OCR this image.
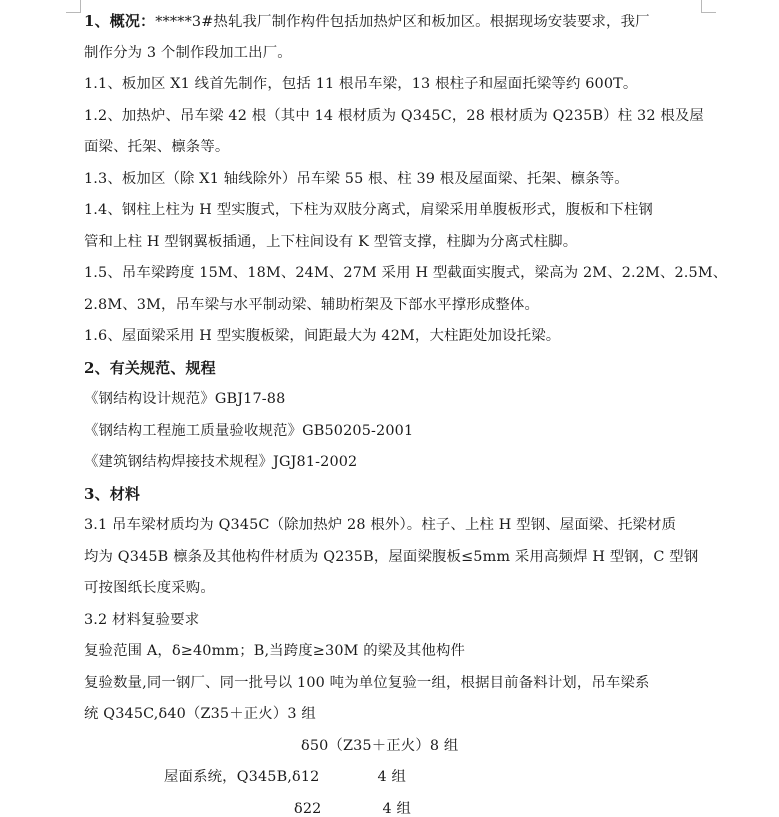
1、概况：*****3#热轧我厂制作构件包括加热炉区和板加区。根据现场安装要求，我厂
制作分为 3 个制作段加工出厂。
1.1、板加区 X1 线首先制作，包括 11 根吊车梁，13 根柱子和屋面托梁等约 600T。
1.2、加热炉、吊车梁 42 根（其中 14 根材质为 Q345C，28 根材质为 Q235B）柱 32 根及屋
面梁、托架、檩条等。
1.3、板加区（除 X1 轴线除外）吊车梁 55 根、柱 39 根及屋面梁、托架、檩条等。
1.4、钢柱上柱为 H 型实腹式，下柱为双肢分离式，肩梁采用单腹板形式，腹板和下柱钢
管和上柱 H 型钢翼板插通，上下柱间设有 K 型管支撑，柱脚为分离式柱脚。
1.5、吊车梁跨度 15M、18M、24M、27M 采用 H 型截面实腹式，梁高为 2M、2.2M、2.5M、
2.8M、3M，吊车梁与水平制动梁、辅助桁架及下部水平撑形成整体。
1.6、屋面梁采用 H 型实腹板梁，间距最大为 42M，大柱距处加设托梁。
2、有关规范、规程
《钢结构设计规范》GBJ17-88
《钢结构工程施工质量验收规范》GB50205-2001
《建筑钢结构焊接技术规程》JGJ81-2002
3、材料
3.1 吊车梁材质均为 Q345C（除加热炉 28 根外）。柱子、上柱 H 型钢、屋面梁、托梁材质
均为 Q345B 檩条及其他构件材质为 Q235B，屋面梁腹板≤5mm 采用高频焊 H 型钢，C 型钢
可按图纸长度采购。
3.2 材料复验要求
复验范围 A，δ≥40mm；B,当跨度≥30M 的梁及其他构件
复验数量,同一钢厂、同一批号以 100 吨为单位复验一组，根据目前备料计划，吊车梁系
统 Q345C,δ40（Z35＋正火）3 组
δ50（Z35＋正火）8 组
屋面系统，Q345B,δ12	4 组
δ22	4 组
